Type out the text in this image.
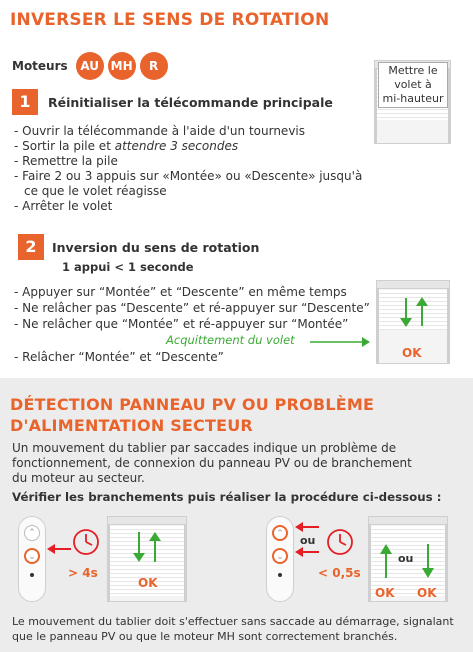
INVERSER LE SENS DE ROTATION
Moteurs	AU MH	R	Mettre le
volet à
mi-hauteur
1	Réinitialiser la télécommande principale
- Ouvrir la télécommande à l'aide d'un tournevis
- Sortir la pile et attendre 3 secondes
- Remettre la pile
- Faire 2 ou 3 appuis sur «Montée» ou «Descente» jusqu'à
ce que le volet réagisse
- Arrêter le volet
2	Inversion du sens de rotation
1 appui < 1 seconde
- Appuyer sur “Montée” et “Descente” en même temps
- Ne relâcher pas “Descente” et ré-appuyer sur “Descente”
- Ne relâcher que “Montée” et ré-appuyer sur “Montée”
Acquittement du volet
- Relâcher “Montée” et “Descente”	OK
DÉTECTION PANNEAU PV OU PROBLÈME
D'ALIMENTATION SECTEUR
Un mouvement du tablier par saccades indique un problème de
fonctionnement, de connexion du panneau PV ou de branchement
du moteur au secteur.
Vérifier les branchements puis réaliser la procédure ci-dessous :
⌃
⌄
> 4s
OK
⌃
⌄
ou
< 0,5s
ou
OK OK
Le mouvement du tablier doit s'effectuer sans saccade au démarrage, signalant
que le panneau PV ou que le moteur MH sont correctement branchés.
